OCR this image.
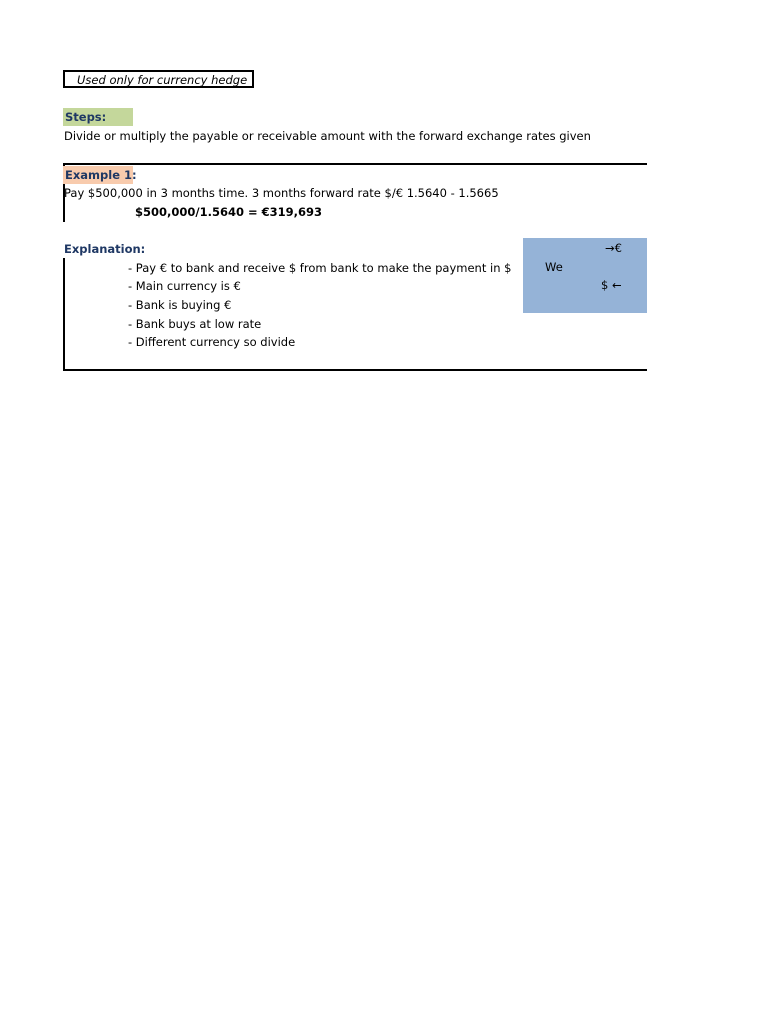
Used only for currency hedge
Steps:
Divide or multiply the payable or receivable amount with the forward exchange rates given
Example 1:
Pay $500,000 in 3 months time. 3 months forward rate $/€ 1.5640 - 1.5665
$500,000/1.5640 = €319,693
Explanation:
- Pay € to bank and receive $ from bank to make the payment in $
- Main currency is €
- Bank is buying €
- Bank buys at low rate
- Different currency so divide
→€
We
$ ←
